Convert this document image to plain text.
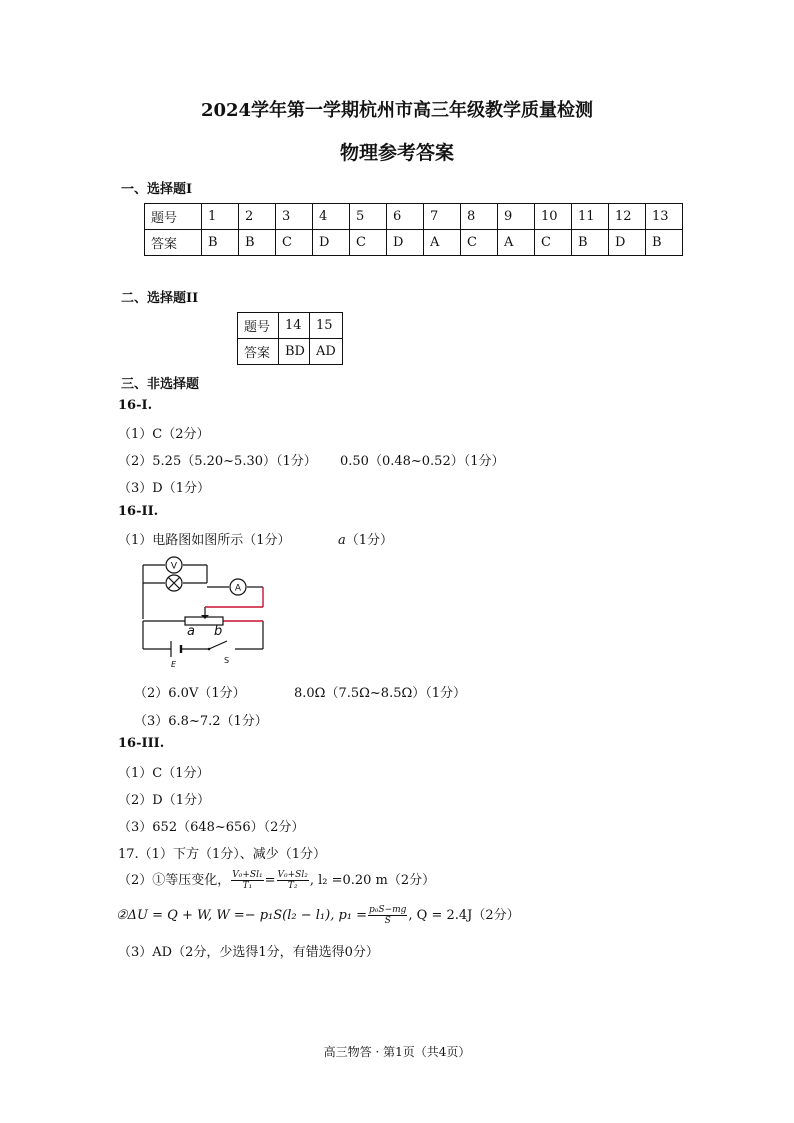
2024学年第一学期杭州市高三年级教学质量检测
物理参考答案
一、选择题I
题号	1	2	3	4	5	6	7	8	9	10	11	12	13
答案	B	B	C	D	C	D	A	C	A	C	B	D	B
二、选择题II
题号	14	15
答案	BD	AD
三、非选择题
16-I.
（1）C（2分）
（2）5.25（5.20~5.30）（1分） 0.50（0.48~0.52）（1分）
（3）D（1分）
16-II.
（1）电路图如图所示（1分）	a（1分）
V
A
a b
E	S
（2）6.0V（1分）	8.0Ω（7.5Ω~8.5Ω）（1分）
（3）6.8~7.2（1分）
16-III.
（1）C（1分）
（2）D（1分）
（3）652（648~656）（2分）
17.（1）下方（1分）、减少（1分）
（2）①等压变化， $\frac{\text{V₀+Sl₁}}{\text{T₁}} = \frac{\text{V₀+Sl₂}}{\text{T₂}}$ , l₂ =0.20 m（2分）
②ΔU = Q + W, W =− p₁S(l₂ − l₁), $p_1 = \frac{\text{p₀S−mg}}{S}$ , Q = 2.4J（2分）
（3）AD（2分，少选得1分，有错选得0分）
高三物答 · 第1页（共4页）
